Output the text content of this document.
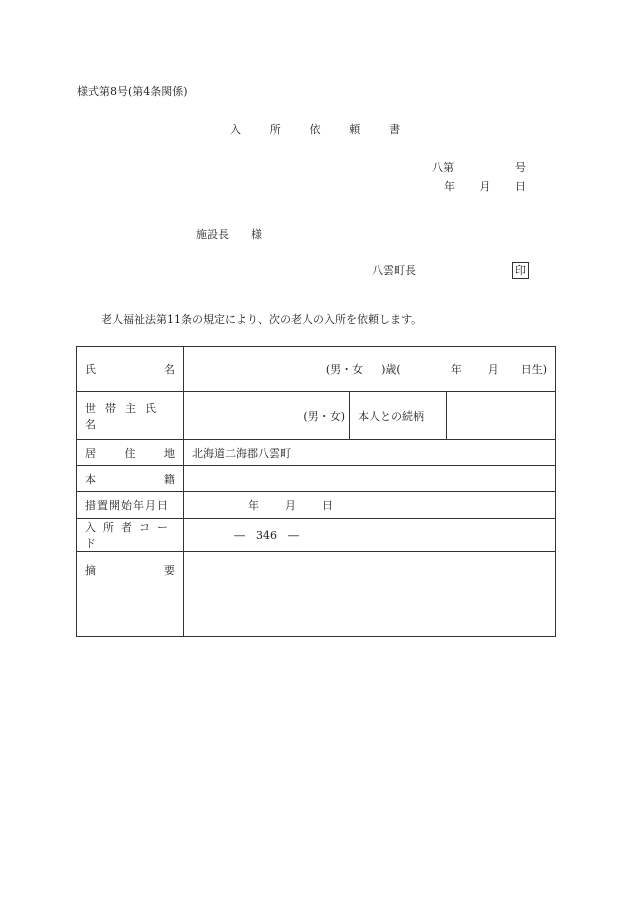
様式第8号(第4条関係)
入	所	依	頼	書
八第	号
年 月 日
施設長 様
八雲町長	印
老人福祉法第11条の規定により、次の老人の入所を依頼します。
氏 名	(男・女 )歳( 年 月 日生)

世帯主氏名	(男・女) 本人との続柄

居 住 地	北海道二海郡八雲町

本 籍	

措置開始年月日	年 月 日

入所者コード	―　346　―

摘 要	
